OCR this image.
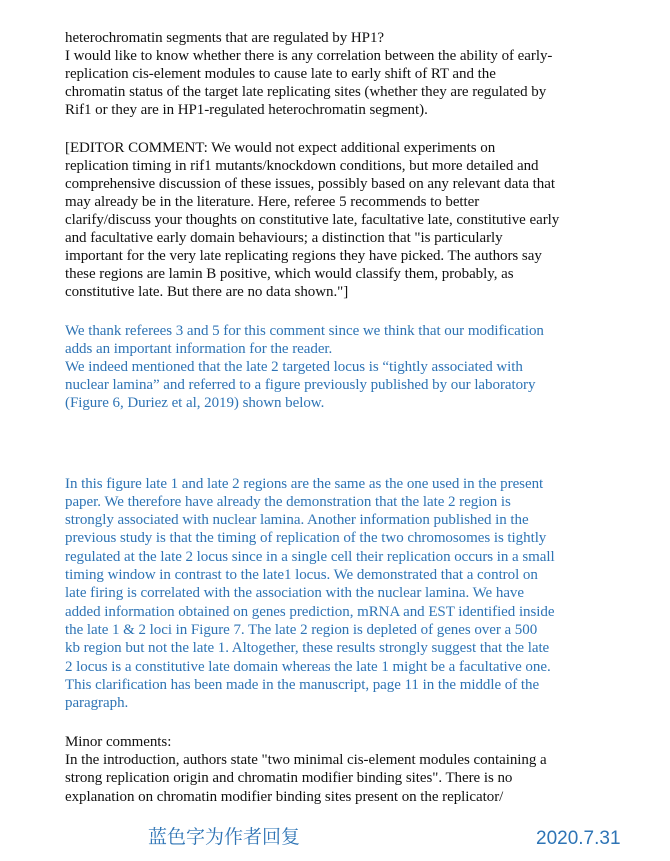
heterochromatin segments that are regulated by HP1?
I would like to know whether there is any correlation between the ability of early-
replication cis-element modules to cause late to early shift of RT and the
chromatin status of the target late replicating sites (whether they are regulated by
Rif1 or they are in HP1-regulated heterochromatin segment).
[EDITOR COMMENT: We would not expect additional experiments on
replication timing in rif1 mutants/knockdown conditions, but more detailed and
comprehensive discussion of these issues, possibly based on any relevant data that
may already be in the literature. Here, referee 5 recommends to better
clarify/discuss your thoughts on constitutive late, facultative late, constitutive early
and facultative early domain behaviours; a distinction that "is particularly
important for the very late replicating regions they have picked. The authors say
these regions are lamin B positive, which would classify them, probably, as
constitutive late. But there are no data shown."]
We thank referees 3 and 5 for this comment since we think that our modification
adds an important information for the reader.
We indeed mentioned that the late 2 targeted locus is “tightly associated with
nuclear lamina” and referred to a figure previously published by our laboratory
(Figure 6, Duriez et al, 2019) shown below.
In this figure late 1 and late 2 regions are the same as the one used in the present
paper. We therefore have already the demonstration that the late 2 region is
strongly associated with nuclear lamina. Another information published in the
previous study is that the timing of replication of the two chromosomes is tightly
regulated at the late 2 locus since in a single cell their replication occurs in a small
timing window in contrast to the late1 locus. We demonstrated that a control on
late firing is correlated with the association with the nuclear lamina. We have
added information obtained on genes prediction, mRNA and EST identified inside
the late 1 & 2 loci in Figure 7. The late 2 region is depleted of genes over a 500
kb region but not the late 1. Altogether, these results strongly suggest that the late
2 locus is a constitutive late domain whereas the late 1 might be a facultative one.
This clarification has been made in the manuscript, page 11 in the middle of the
paragraph.
Minor comments:
In the introduction, authors state "two minimal cis-element modules containing a
strong replication origin and chromatin modifier binding sites". There is no
explanation on chromatin modifier binding sites present on the replicator/
蓝色字为作者回复	2020.7.31
